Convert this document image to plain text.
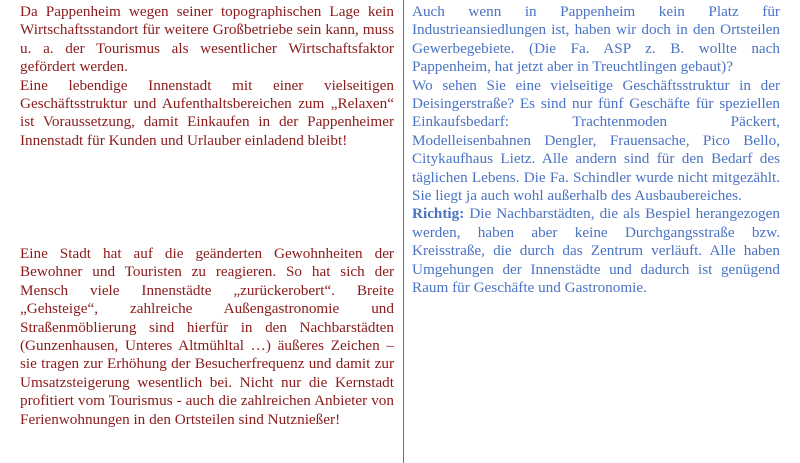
Da Pappenheim wegen seiner topographischen Lage kein Wirtschaftsstandort für weitere Großbetriebe sein kann, muss u. a. der Tourismus als wesentlicher Wirtschaftsfaktor gefördert werden.

Eine lebendige Innenstadt mit einer vielseitigen Geschäftsstruktur und Aufenthaltsbereichen zum „Relaxen“ ist Voraussetzung, damit Einkaufen in der Pappenheimer Innenstadt für Kunden und Urlauber einladend bleibt!

Eine Stadt hat auf die geänderten Gewohnheiten der Bewohner und Touristen zu reagieren. So hat sich der Mensch viele Innenstädte „zurückerobert“. Breite „Gehsteige“, zahlreiche Außengastronomie und Straßenmöblierung sind hierfür in den Nachbarstädten (Gunzenhausen, Unteres Altmühltal …) äußeres Zeichen – sie tragen zur Erhöhung der Besucherfrequenz und damit zur Umsatzsteigerung wesentlich bei. Nicht nur die Kernstadt profitiert vom Tourismus - auch die zahlreichen Anbieter von Ferienwohnungen in den Ortsteilen sind Nutznießer!

Auch wenn in Pappenheim kein Platz für Industrieansiedlungen ist, haben wir doch in den Ortsteilen Gewerbegebiete. (Die Fa. ASP z. B. wollte nach Pappenheim, hat jetzt aber in Treuchtlingen gebaut)?

Wo sehen Sie eine vielseitige Geschäftsstruktur in der Deisingerstraße? Es sind nur fünf Geschäfte für speziellen Einkaufsbedarf: Trachtenmoden Päckert, Modelleisenbahnen Dengler, Frauensache, Pico Bello, Citykaufhaus Lietz. Alle andern sind für den Bedarf des täglichen Lebens. Die Fa. Schindler wurde nicht mitgezählt. Sie liegt ja auch wohl außerhalb des Ausbaubereiches.

Richtig: Die Nachbarstädten, die als Bespiel herangezogen werden, haben aber keine Durchgangsstraße bzw. Kreisstraße, die durch das Zentrum verläuft. Alle haben Umgehungen der Innenstädte und dadurch ist genügend Raum für Geschäfte und Gastronomie.
